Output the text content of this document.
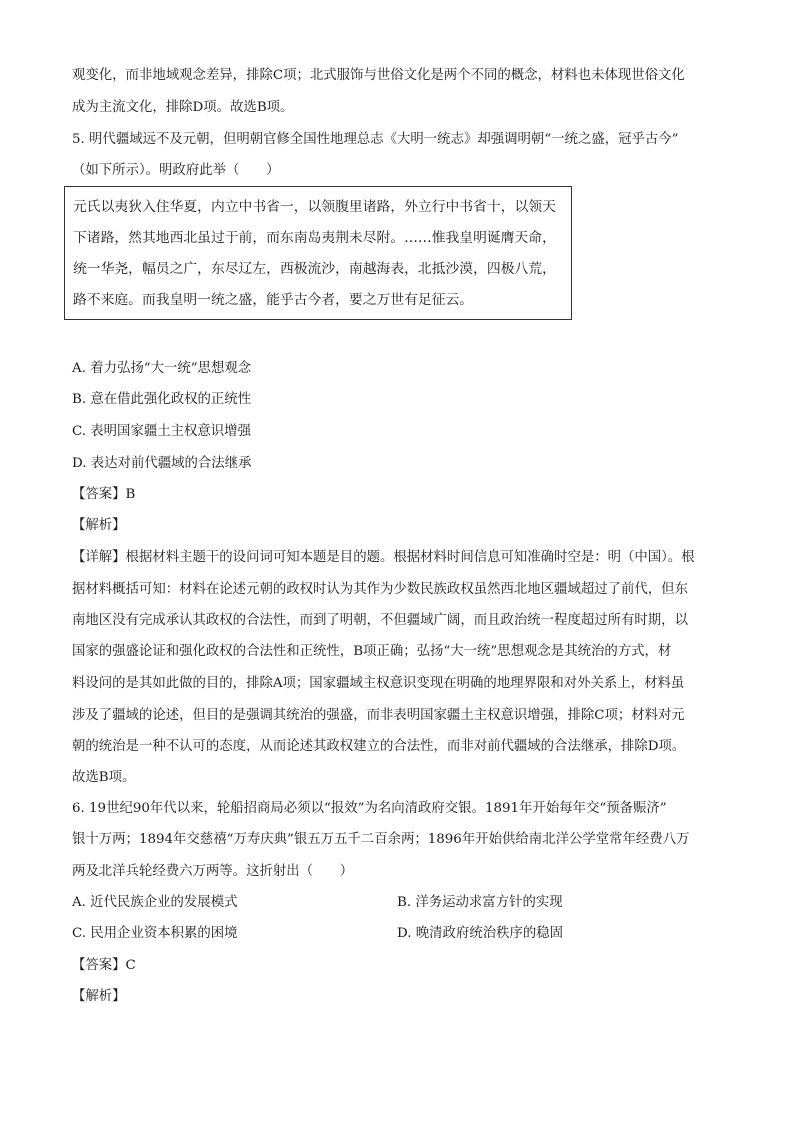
观变化，而非地域观念差异，排除C项；北式服饰与世俗文化是两个不同的概念，材料也未体现世俗文化
成为主流文化，排除D项。故选B项。
5. 明代疆域远不及元朝，但明朝官修全国性地理总志《大明一统志》却强调明朝“一统之盛，冠乎古今”
（如下所示）。明政府此举（　　）
元氏以夷狄入住华夏，内立中书省一，以领腹里诸路，外立行中书省十，以领天
下诸路，然其地西北虽过于前，而东南岛夷荆未尽附。……惟我皇明诞膺天命，
统一华尧，幅员之广，东尽辽左，西极流沙，南越海表，北抵沙漠，四极八荒，
路不来庭。而我皇明一统之盛，能乎古今者，要之万世有足征云。
A. 着力弘扬“大一统”思想观念
B. 意在借此强化政权的正统性
C. 表明国家疆土主权意识增强
D. 表达对前代疆域的合法继承
【答案】B
【解析】
【详解】根据材料主题干的设问词可知本题是目的题。根据材料时间信息可知准确时空是：明（中国）。根
据材料概括可知：材料在论述元朝的政权时认为其作为少数民族政权虽然西北地区疆域超过了前代，但东
南地区没有完成承认其政权的合法性，而到了明朝，不但疆域广阔，而且政治统一程度超过所有时期，以
国家的强盛论证和强化政权的合法性和正统性，B项正确；弘扬“大一统”思想观念是其统治的方式，材
料设问的是其如此做的目的，排除A项；国家疆域主权意识变现在明确的地理界限和对外关系上，材料虽
涉及了疆域的论述，但目的是强调其统治的强盛，而非表明国家疆土主权意识增强，排除C项；材料对元
朝的统治是一种不认可的态度，从而论述其政权建立的合法性，而非对前代疆域的合法继承，排除D项。
故选B项。
6. 19世纪90年代以来，轮船招商局必须以“报效”为名向清政府交银。1891年开始每年交“预备赈济”
银十万两；1894年交慈禧“万寿庆典”银五万五千二百余两；1896年开始供给南北洋公学堂常年经费八万
两及北洋兵轮经费六万两等。这折射出（　　）
A. 近代民族企业的发展模式	B. 洋务运动求富方针的实现
C. 民用企业资本积累的困境	D. 晚清政府统治秩序的稳固
【答案】C
【解析】
